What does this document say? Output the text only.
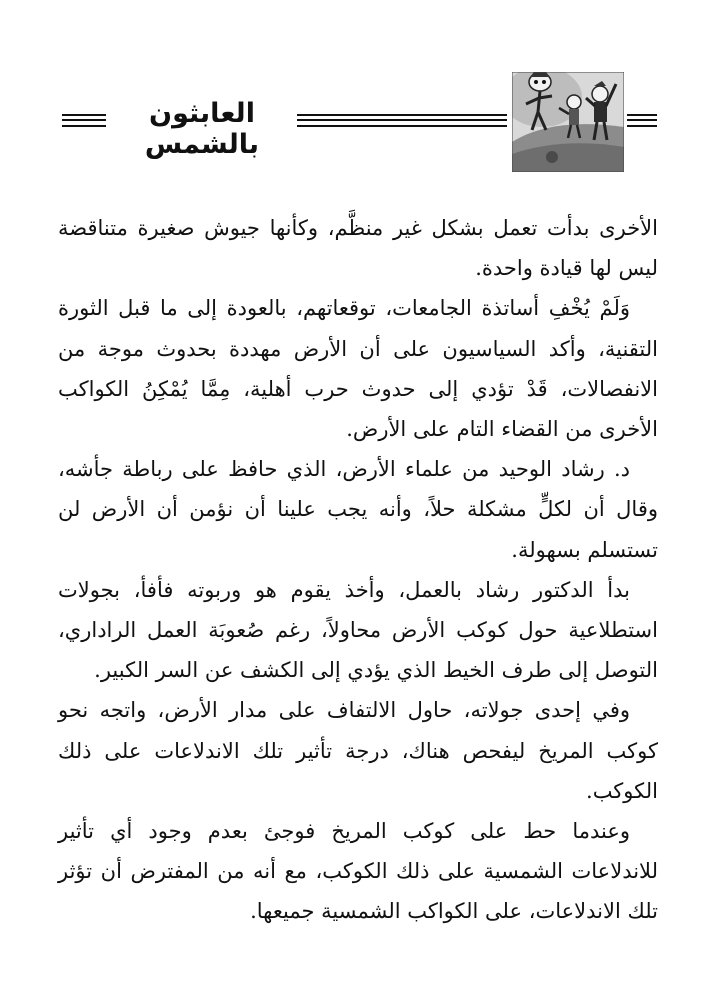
العابثون بالشمس

الأخرى بدأت تعمل بشكل غير منظَّم، وكأنها جيوش صغيرة متناقضة ليس لها قيادة واحدة.

وَلَمْ يُخْفِ أساتذة الجامعات، توقعاتهم، بالعودة إلى ما قبل الثورة التقنية، وأكد السياسيون على أن الأرض مهددة بحدوث موجة من الانفصالات، قَدْ تؤدي إلى حدوث حرب أهلية، مِمَّا يُمْكِنُ الكواكب الأخرى من القضاء التام على الأرض.

د. رشاد الوحيد من علماء الأرض، الذي حافظ على رباطة جأشه، وقال أن لكلٍّ مشكلة حلاً، وأنه يجب علينا أن نؤمن أن الأرض لن تستسلم بسهولة.

بدأ الدكتور رشاد بالعمل، وأخذ يقوم هو وربوته فأفأ، بجولات استطلاعية حول كوكب الأرض محاولاً، رغم صُعوبَة العمل الراداري، التوصل إلى طرف الخيط الذي يؤدي إلى الكشف عن السر الكبير.

وفي إحدى جولاته، حاول الالتفاف على مدار الأرض، واتجه نحو كوكب المريخ ليفحص هناك، درجة تأثير تلك الاندلاعات على ذلك الكوكب.

وعندما حط على كوكب المريخ فوجئ بعدم وجود أي تأثير للاندلاعات الشمسية على ذلك الكوكب، مع أنه من المفترض أن تؤثر تلك الاندلاعات، على الكواكب الشمسية جميعها.
